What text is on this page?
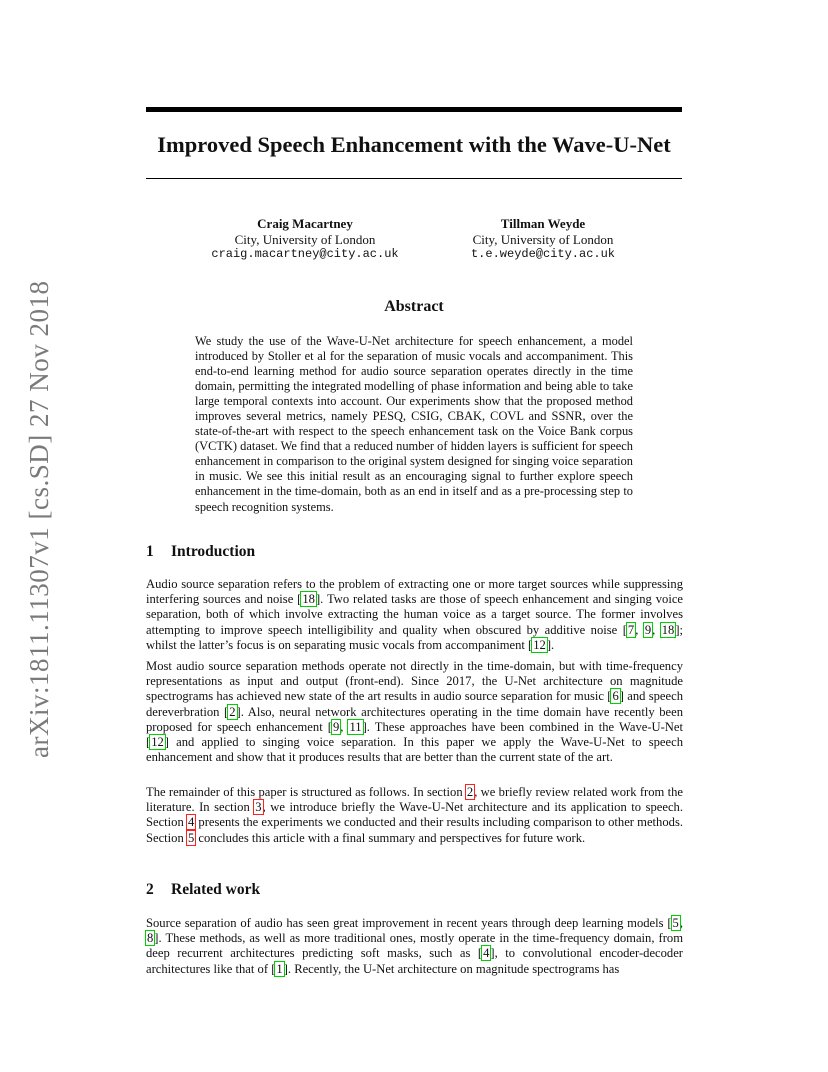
arXiv:1811.11307v1 [cs.SD] 27 Nov 2018
Improved Speech Enhancement with the Wave-U-Net
Craig Macartney
City, University of London
craig.macartney@city.ac.uk
Tillman Weyde
City, University of London
t.e.weyde@city.ac.uk
Abstract
We study the use of the Wave-U-Net architecture for speech enhancement, a model introduced by Stoller et al for the separation of music vocals and accompaniment. This end-to-end learning method for audio source separation operates directly in the time domain, permitting the integrated modelling of phase information and being able to take large temporal contexts into account. Our experiments show that the proposed method improves several metrics, namely PESQ, CSIG, CBAK, COVL and SSNR, over the state-of-the-art with respect to the speech enhancement task on the Voice Bank corpus (VCTK) dataset. We find that a reduced number of hidden layers is sufficient for speech enhancement in comparison to the original system designed for singing voice separation in music. We see this initial result as an encouraging signal to further explore speech enhancement in the time-domain, both as an end in itself and as a pre-processing step to speech recognition systems.
1 Introduction

Audio source separation refers to the problem of extracting one or more target sources while suppressing interfering sources and noise [18]. Two related tasks are those of speech enhancement and singing voice separation, both of which involve extracting the human voice as a target source. The former involves attempting to improve speech intelligibility and quality when obscured by additive noise [7, 9, 18]; whilst the latter’s focus is on separating music vocals from accompaniment [12].

Most audio source separation methods operate not directly in the time-domain, but with time-frequency representations as input and output (front-end). Since 2017, the U-Net architecture on magnitude spectrograms has achieved new state of the art results in audio source separation for music [6] and speech dereverbration [2]. Also, neural network architectures operating in the time domain have recently been proposed for speech enhancement [9, 11]. These approaches have been combined in the Wave-U-Net [12] and applied to singing voice separation. In this paper we apply the Wave-U-Net to speech enhancement and show that it produces results that are better than the current state of the art.

The remainder of this paper is structured as follows. In section 2, we briefly review related work from the literature. In section 3, we introduce briefly the Wave-U-Net architecture and its application to speech. Section 4 presents the experiments we conducted and their results including comparison to other methods. Section 5 concludes this article with a final summary and perspectives for future work.

2 Related work

Source separation of audio has seen great improvement in recent years through deep learning models [5, 8]. These methods, as well as more traditional ones, mostly operate in the time-frequency domain, from deep recurrent architectures predicting soft masks, such as [4], to convolutional encoder-decoder architectures like that of [1]. Recently, the U-Net architecture on magnitude spectrograms has
